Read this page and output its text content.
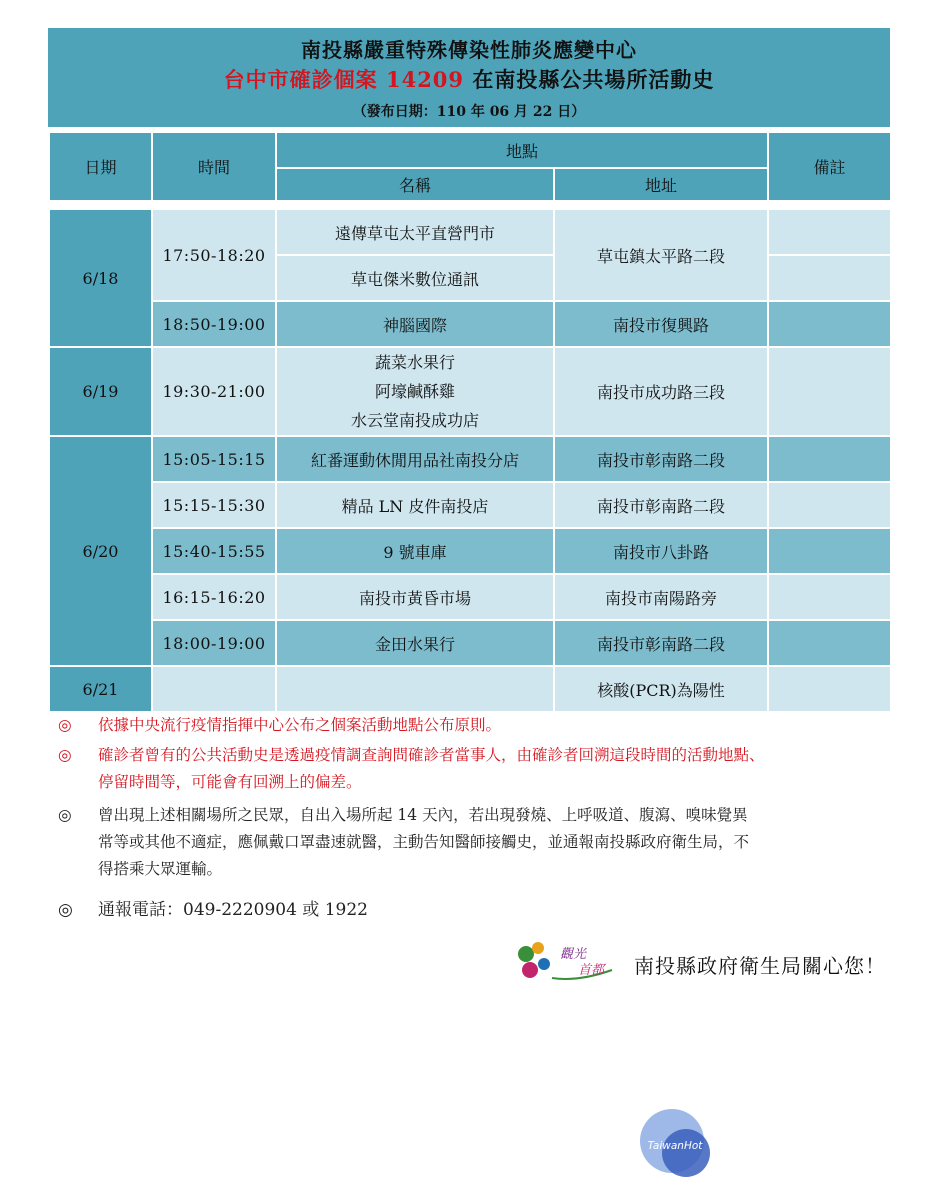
南投縣嚴重特殊傳染性肺炎應變中心
台中市確診個案 14209 在南投縣公共場所活動史
（發布日期：110 年 06 月 22 日）
日期	時間	地點		備註
		名稱	地址	

6/18	17:50-18:20	遠傳草屯太平直營門市	草屯鎮太平路二段	
		草屯傑米數位通訊		
	18:50-19:00	神腦國際	南投市復興路	
6/19	19:30-21:00	蔬菜水果行
阿壕鹹酥雞
水云堂南投成功店	南投市成功路三段	
6/20	15:05-15:15	紅番運動休閒用品社南投分店	南投市彰南路二段	
	15:15-15:30	精品 LN 皮件南投店	南投市彰南路二段	
	15:40-15:55	9 號車庫	南投市八卦路	
	16:15-16:20	南投市黃昏市場	南投市南陽路旁	
	18:00-19:00	金田水果行	南投市彰南路二段	
6/21			核酸(PCR)為陽性	
◎ 依據中央流行疫情指揮中心公布之個案活動地點公布原則。
◎ 確診者曾有的公共活動史是透過疫情調查詢問確診者當事人，由確診者回溯這段時間的活動地點、
停留時間等，可能會有回溯上的偏差。
◎ 曾出現上述相關場所之民眾，自出入場所起 14 天內，若出現發燒、上呼吸道、腹瀉、嗅味覺異
常等或其他不適症，應佩戴口罩盡速就醫，主動告知醫師接觸史，並通報南投縣政府衛生局，不
得搭乘大眾運輸。
◎ 通報電話：049-2220904 或 1922
觀光
首都 南投縣政府衛生局關心您！
TaiwanHot
